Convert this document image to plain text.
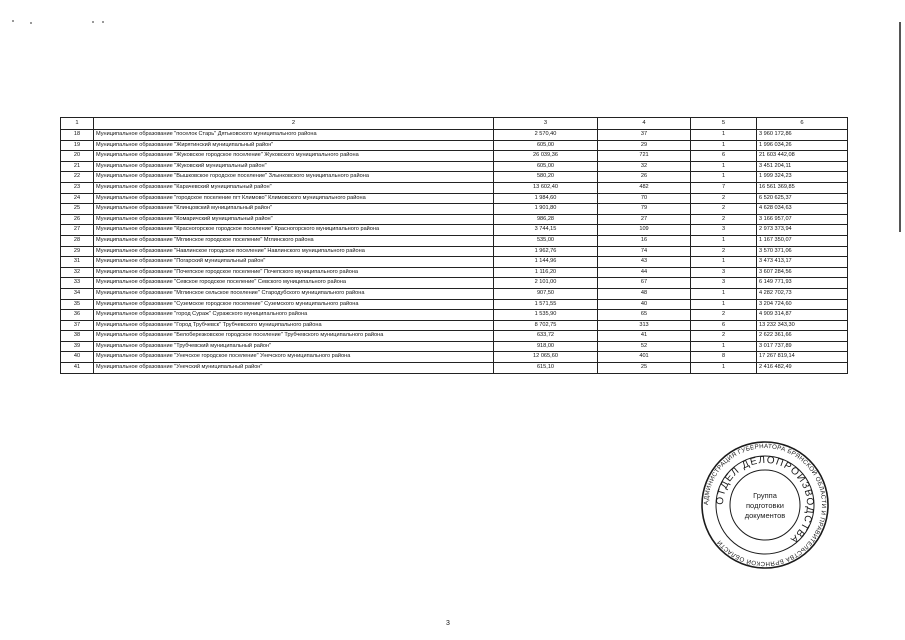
1	2	3	4	5	6
18	Муниципальное образование "поселок Старь" Дятьковского муниципального района	2 570,40	37	1	3 960 172,86
19	Муниципальное образование "Жирятинский муниципальный район"	605,00	29	1	1 996 034,26
20	Муниципальное образование "Жуковское городское поселение" Жуковского муниципального района	26 039,36	721	6	21 603 442,08
21	Муниципальное образование "Жуковский муниципальный район"	605,00	32	1	3 451 204,11
22	Муниципальное образование "Вышковское городское поселение" Злынковского муниципального района	580,20	26	1	1 999 324,23
23	Муниципальное образование "Карачевский муниципальный район"	13 602,40	482	7	16 561 369,85
24	Муниципальное образование "городское поселение пгт Климово" Климовского муниципального района	1 984,60	70	2	6 520 625,37
25	Муниципальное образование "Клинцовский муниципальный район"	1 901,80	79	2	4 628 034,63
26	Муниципальное образование "Комаричский муниципальный район"	986,28	27	2	3 166 957,07
27	Муниципальное образование "Красногорское городское поселение" Красногорского муниципального района	3 744,15	109	3	2 973 373,94
28	Муниципальное образование "Мглинское городское поселение" Мглинского района	535,00	16	1	1 167 350,07
29	Муниципальное образование "Навлинское городское поселение" Навлинского муниципального района	1 962,76	74	2	3 570 371,06
31	Муниципальное образование "Погарский муниципальный район"	1 144,96	43	1	3 473 413,17
32	Муниципальное образование "Почепское городское поселение" Почепского муниципального района	1 116,20	44	3	3 607 284,56
33	Муниципальное образование "Севское городское поселение" Севского муниципального района	2 101,00	67	3	6 149 771,93
34	Муниципальное образование "Мглинское сельское поселение" Стародубского муниципального района	907,50	48	1	4 282 702,73
35	Муниципальное образование "Суземское городское поселение" Суземского муниципального района	1 571,55	40	1	3 204 724,60
36	Муниципальное образование "город Сураж" Суражского муниципального района	1 535,90	65	2	4 909 314,87
37	Муниципальное образование "Город Трубчевск" Трубчевского муниципального района	8 702,75	313	6	13 232 343,30
38	Муниципальное образование "Белоберезковское городское поселение" Трубчевского муниципального района	633,72	41	2	2 622 361,66
39	Муниципальное образование "Трубчевский муниципальный район"	918,00	52	1	3 017 737,89
40	Муниципальное образование "Унечское городское поселение" Унечского муниципального района	12 065,60	401	8	17 267 819,14
41	Муниципальное образование "Унечский муниципальный район"	615,10	25	1	2 416 482,49
АДМИНИСТРАЦИЯ ГУБЕРНАТОРА БРЯНСКОЙ ОБЛАСТИ И ПРАВИТЕЛЬСТВА БРЯНСКОЙ ОБЛАСТИ
ОТДЕЛ ДЕЛОПРОИЗВОДСТВА
Группа
подготовки
документов
3
